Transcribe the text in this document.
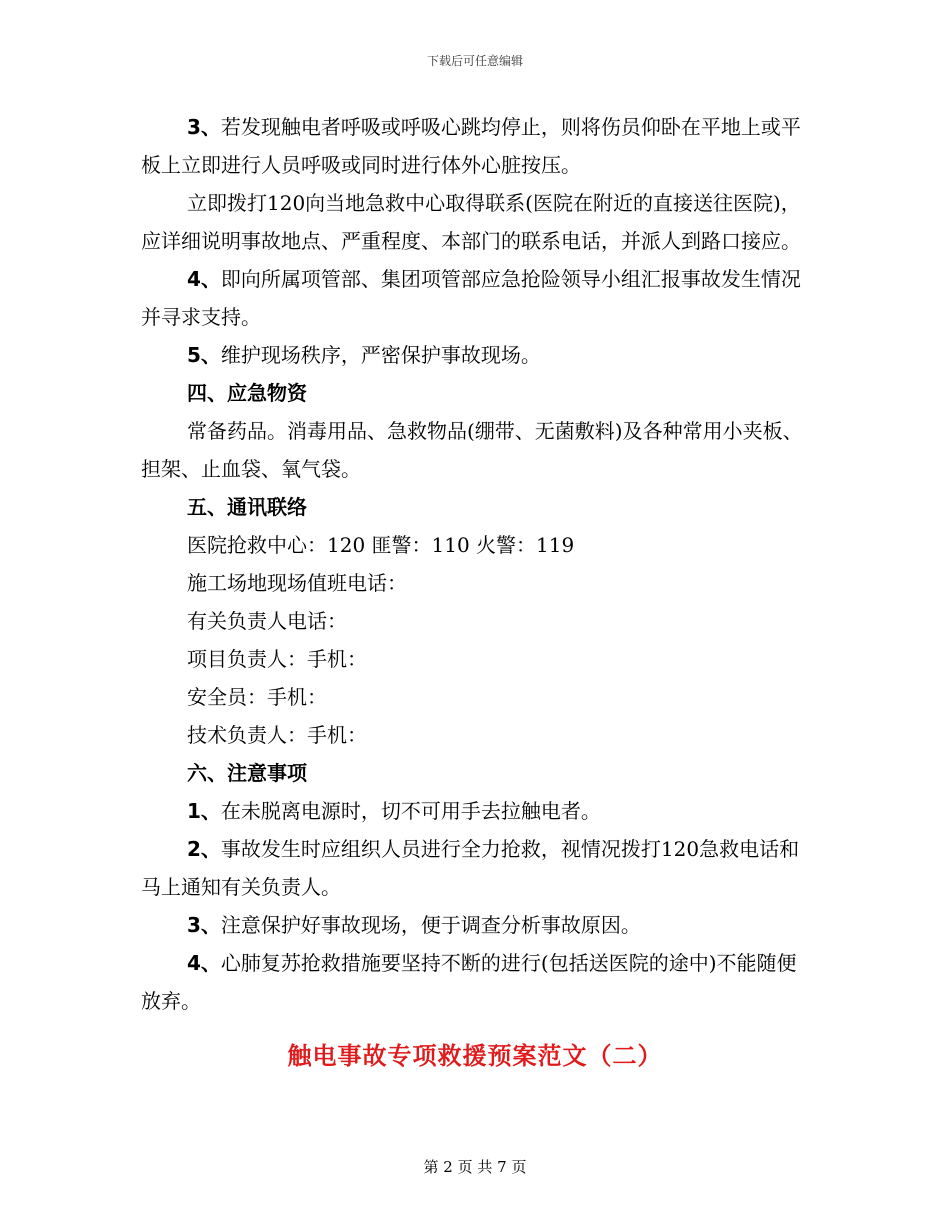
下载后可任意编辑

3、若发现触电者呼吸或呼吸心跳均停止，则将伤员仰卧在平地上或平板上立即进行人员呼吸或同时进行体外心脏按压。

立即拨打120向当地急救中心取得联系(医院在附近的直接送往医院)，应详细说明事故地点、严重程度、本部门的联系电话，并派人到路口接应。

4、即向所属项管部、集团项管部应急抢险领导小组汇报事故发生情况并寻求支持。

5、维护现场秩序，严密保护事故现场。

四、应急物资

常备药品。消毒用品、急救物品(绷带、无菌敷料)及各种常用小夹板、担架、止血袋、氧气袋。

五、通讯联络

医院抢救中心：120 匪警：110 火警：119

施工场地现场值班电话：

有关负责人电话：

项目负责人：手机：

安全员：手机：

技术负责人：手机：

六、注意事项

1、在未脱离电源时，切不可用手去拉触电者。

2、事故发生时应组织人员进行全力抢救，视情况拨打120急救电话和马上通知有关负责人。

3、注意保护好事故现场，便于调查分析事故原因。

4、心肺复苏抢救措施要坚持不断的进行(包括送医院的途中)不能随便放弃。

触电事故专项救援预案范文（二）
第 2 页 共 7 页
